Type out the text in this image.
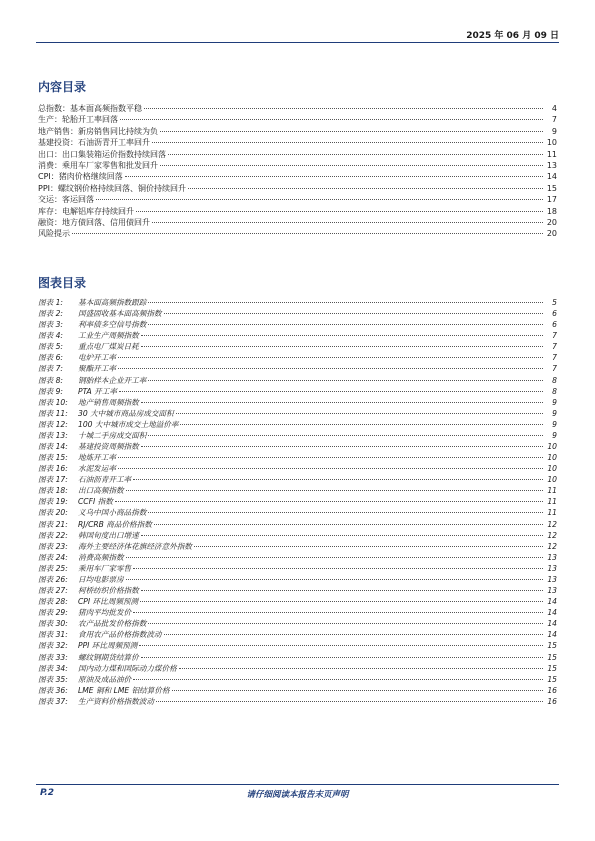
2025 年 06 月 09 日
内容目录
总指数 ： 基本面高频指数平稳	4
生产 ： 轮胎开工率回落	7
地产销售 ： 新房销售同比持续为负	9
基建投资 ： 石油沥青开工率回升	10
出口 ： 出口集装箱运价指数持续回落	11
消费 ： 乘用车厂家零售和批发回升	13
CPI ： 猪肉价格继续回落	14
PPI ： 螺纹钢价格持续回落、铜价持续回升	15
交运 ： 客运回落	17
库存 ： 电解铝库存持续回升	18
融资 ： 地方债回落、信用债回升	20
风险提示	20
图表目录
图表 1:	基本面高频指数跟踪	5
图表 2:	国盛固收基本面高频指数	6
图表 3:	利率债多空信号指数	6
图表 4:	工业生产周频指数	7
图表 5:	重点电厂煤炭日耗	7
图表 6:	电炉开工率	7
图表 7:	聚酯开工率	7
图表 8:	钢胎样本企业开工率	8
图表 9:	PTA 开工率	8
图表 10:	地产销售周频指数	9
图表 11:	30 大中城市商品房成交面积	9
图表 12:	100 大中城市成交土地溢价率	9
图表 13:	十城二手房成交面积	9
图表 14:	基建投资周频指数	10
图表 15:	地炼开工率	10
图表 16:	水泥发运率	10
图表 17:	石油沥青开工率	10
图表 18:	出口高频指数	11
图表 19:	CCFI 指数	11
图表 20:	义乌中国小商品指数	11
图表 21:	RJ/CRB 商品价格指数	12
图表 22:	韩国旬度出口增速	12
图表 23:	海外主要经济体花旗经济意外指数	12
图表 24:	消费高频指数	13
图表 25:	乘用车厂家零售	13
图表 26:	日均电影票房	13
图表 27:	柯桥纺织价格指数	13
图表 28:	CPI 环比周频预测	14
图表 29:	猪肉平均批发价	14
图表 30:	农产品批发价格指数	14
图表 31:	食用农产品价格指数波动	14
图表 32:	PPI 环比周频预测	15
图表 33:	螺纹钢期货结算价	15
图表 34:	国内动力煤和国际动力煤价格	15
图表 35:	原油及成品油价	15
图表 36:	LME 铜和 LME 铝结算价格	16
图表 37:	生产资料价格指数波动	16
P.2	请仔细阅读本报告末页声明
